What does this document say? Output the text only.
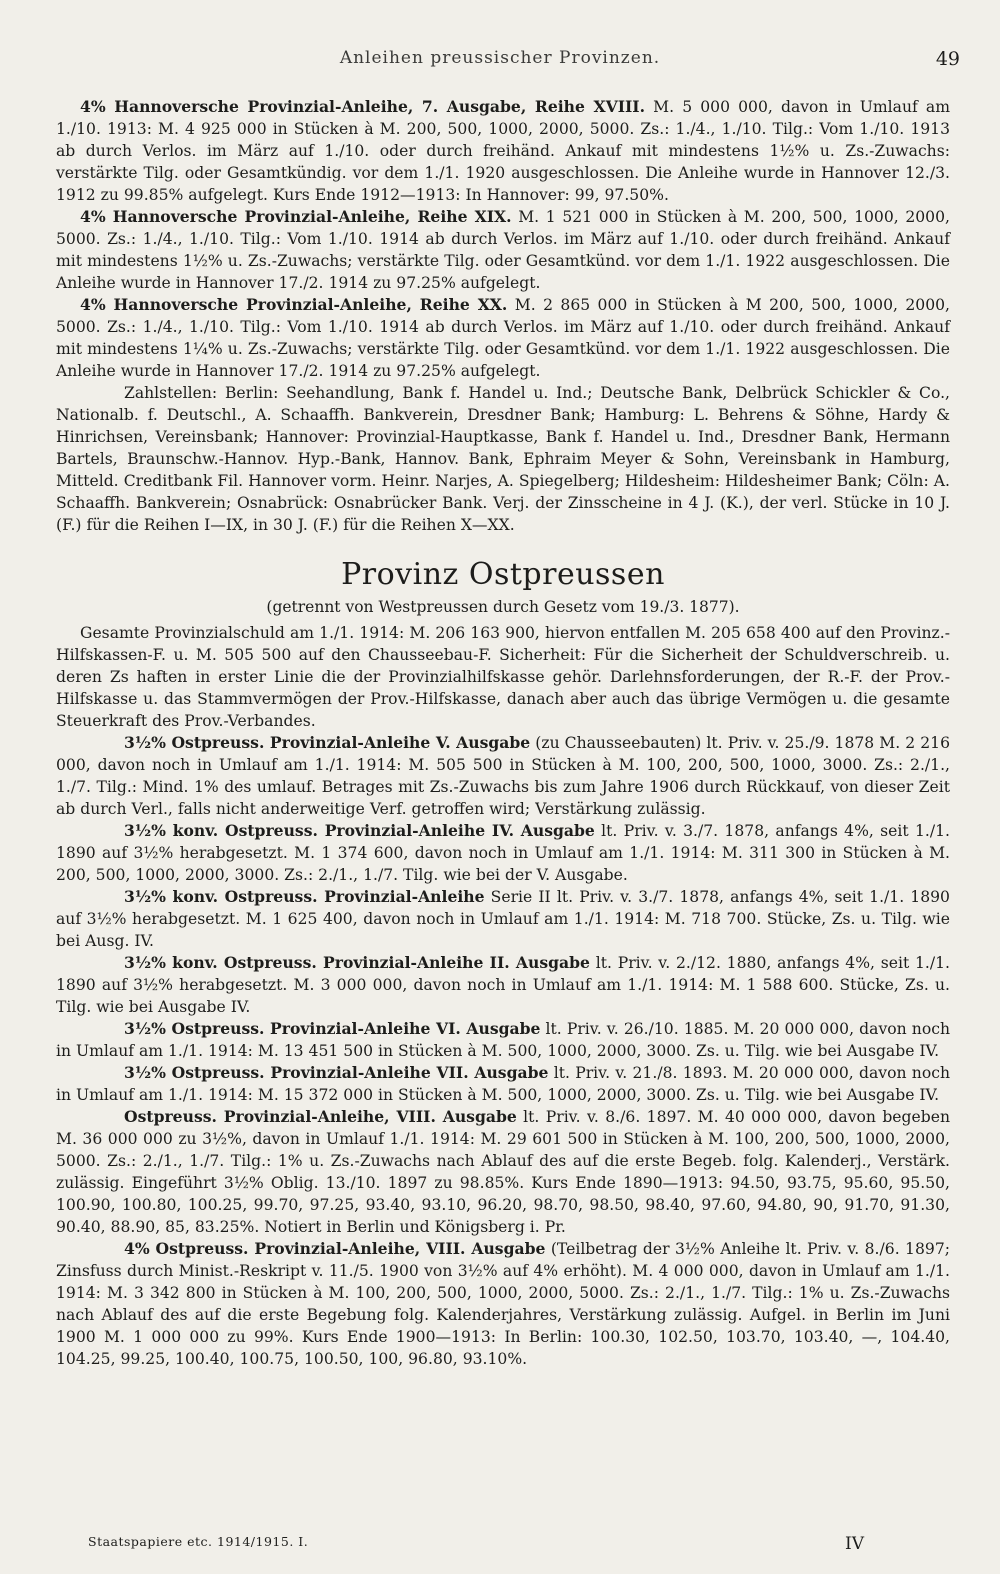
Anleihen preussischer Provinzen.	49

4% Hannoversche Provinzial-Anleihe, 7. Ausgabe, Reihe XVIII. M. 5 000 000, davon in Umlauf am 1./10. 1913: M. 4 925 000 in Stücken à M. 200, 500, 1000, 2000, 5000. Zs.: 1./4., 1./10. Tilg.: Vom 1./10. 1913 ab durch Verlos. im März auf 1./10. oder durch freihänd. Ankauf mit mindestens 1½% u. Zs.-Zuwachs: verstärkte Tilg. oder Gesamtkündig. vor dem 1./1. 1920 ausgeschlossen. Die Anleihe wurde in Hannover 12./3. 1912 zu 99.85% aufgelegt. Kurs Ende 1912—1913: In Hannover: 99, 97.50%.

4% Hannoversche Provinzial-Anleihe, Reihe XIX. M. 1 521 000 in Stücken à M. 200, 500, 1000, 2000, 5000. Zs.: 1./4., 1./10. Tilg.: Vom 1./10. 1914 ab durch Verlos. im März auf 1./10. oder durch freihänd. Ankauf mit mindestens 1½% u. Zs.-Zuwachs; verstärkte Tilg. oder Gesamtkünd. vor dem 1./1. 1922 ausgeschlossen. Die Anleihe wurde in Hannover 17./2. 1914 zu 97.25% aufgelegt.

4% Hannoversche Provinzial-Anleihe, Reihe XX. M. 2 865 000 in Stücken à M 200, 500, 1000, 2000, 5000. Zs.: 1./4., 1./10. Tilg.: Vom 1./10. 1914 ab durch Verlos. im März auf 1./10. oder durch freihänd. Ankauf mit mindestens 1¼% u. Zs.-Zuwachs; verstärkte Tilg. oder Gesamtkünd. vor dem 1./1. 1922 ausgeschlossen. Die Anleihe wurde in Hannover 17./2. 1914 zu 97.25% aufgelegt.

Zahlstellen: Berlin: Seehandlung, Bank f. Handel u. Ind.; Deutsche Bank, Delbrück Schickler & Co., Nationalb. f. Deutschl., A. Schaaffh. Bankverein, Dresdner Bank; Hamburg: L. Behrens & Söhne, Hardy & Hinrichsen, Vereinsbank; Hannover: Provinzial-Hauptkasse, Bank f. Handel u. Ind., Dresdner Bank, Hermann Bartels, Braunschw.-Hannov. Hyp.-Bank, Hannov. Bank, Ephraim Meyer & Sohn, Vereinsbank in Hamburg, Mitteld. Creditbank Fil. Hannover vorm. Heinr. Narjes, A. Spiegelberg; Hildesheim: Hildesheimer Bank; Cöln: A. Schaaffh. Bankverein; Osnabrück: Osnabrücker Bank. Verj. der Zinsscheine in 4 J. (K.), der verl. Stücke in 10 J. (F.) für die Reihen I—IX, in 30 J. (F.) für die Reihen X—XX.

Provinz Ostpreussen
(getrennt von Westpreussen durch Gesetz vom 19./3. 1877).

Gesamte Provinzialschuld am 1./1. 1914: M. 206 163 900, hiervon entfallen M. 205 658 400 auf den Provinz.-Hilfskassen-F. u. M. 505 500 auf den Chausseebau-F. Sicherheit: Für die Sicherheit der Schuldverschreib. u. deren Zs haften in erster Linie die der Provinzialhilfskasse gehör. Darlehnsforderungen, der R.-F. der Prov.-Hilfskasse u. das Stammvermögen der Prov.-Hilfskasse, danach aber auch das übrige Vermögen u. die gesamte Steuerkraft des Prov.-Verbandes.

3½% Ostpreuss. Provinzial-Anleihe V. Ausgabe (zu Chausseebauten) lt. Priv. v. 25./9. 1878 M. 2 216 000, davon noch in Umlauf am 1./1. 1914: M. 505 500 in Stücken à M. 100, 200, 500, 1000, 3000. Zs.: 2./1., 1./7. Tilg.: Mind. 1% des umlauf. Betrages mit Zs.-Zuwachs bis zum Jahre 1906 durch Rückkauf, von dieser Zeit ab durch Verl., falls nicht anderweitige Verf. getroffen wird; Verstärkung zulässig.

3½% konv. Ostpreuss. Provinzial-Anleihe IV. Ausgabe lt. Priv. v. 3./7. 1878, anfangs 4%, seit 1./1. 1890 auf 3½% herabgesetzt. M. 1 374 600, davon noch in Umlauf am 1./1. 1914: M. 311 300 in Stücken à M. 200, 500, 1000, 2000, 3000. Zs.: 2./1., 1./7. Tilg. wie bei der V. Ausgabe.

3½% konv. Ostpreuss. Provinzial-Anleihe Serie II lt. Priv. v. 3./7. 1878, anfangs 4%, seit 1./1. 1890 auf 3½% herabgesetzt. M. 1 625 400, davon noch in Umlauf am 1./1. 1914: M. 718 700. Stücke, Zs. u. Tilg. wie bei Ausg. IV.

3½% konv. Ostpreuss. Provinzial-Anleihe II. Ausgabe lt. Priv. v. 2./12. 1880, anfangs 4%, seit 1./1. 1890 auf 3½% herabgesetzt. M. 3 000 000, davon noch in Umlauf am 1./1. 1914: M. 1 588 600. Stücke, Zs. u. Tilg. wie bei Ausgabe IV.

3½% Ostpreuss. Provinzial-Anleihe VI. Ausgabe lt. Priv. v. 26./10. 1885. M. 20 000 000, davon noch in Umlauf am 1./1. 1914: M. 13 451 500 in Stücken à M. 500, 1000, 2000, 3000. Zs. u. Tilg. wie bei Ausgabe IV.

3½% Ostpreuss. Provinzial-Anleihe VII. Ausgabe lt. Priv. v. 21./8. 1893. M. 20 000 000, davon noch in Umlauf am 1./1. 1914: M. 15 372 000 in Stücken à M. 500, 1000, 2000, 3000. Zs. u. Tilg. wie bei Ausgabe IV.

Ostpreuss. Provinzial-Anleihe, VIII. Ausgabe lt. Priv. v. 8./6. 1897. M. 40 000 000, davon begeben M. 36 000 000 zu 3½%, davon in Umlauf 1./1. 1914: M. 29 601 500 in Stücken à M. 100, 200, 500, 1000, 2000, 5000. Zs.: 2./1., 1./7. Tilg.: 1% u. Zs.-Zuwachs nach Ablauf des auf die erste Begeb. folg. Kalenderj., Verstärk. zulässig. Eingeführt 3½% Oblig. 13./10. 1897 zu 98.85%. Kurs Ende 1890—1913: 94.50, 93.75, 95.60, 95.50, 100.90, 100.80, 100.25, 99.70, 97.25, 93.40, 93.10, 96.20, 98.70, 98.50, 98.40, 97.60, 94.80, 90, 91.70, 91.30, 90.40, 88.90, 85, 83.25%. Notiert in Berlin und Königsberg i. Pr.

4% Ostpreuss. Provinzial-Anleihe, VIII. Ausgabe (Teilbetrag der 3½% Anleihe lt. Priv. v. 8./6. 1897; Zinsfuss durch Minist.-Reskript v. 11./5. 1900 von 3½% auf 4% erhöht). M. 4 000 000, davon in Umlauf am 1./1. 1914: M. 3 342 800 in Stücken à M. 100, 200, 500, 1000, 2000, 5000. Zs.: 2./1., 1./7. Tilg.: 1% u. Zs.-Zuwachs nach Ablauf des auf die erste Begebung folg. Kalenderjahres, Verstärkung zulässig. Aufgel. in Berlin im Juni 1900 M. 1 000 000 zu 99%. Kurs Ende 1900—1913: In Berlin: 100.30, 102.50, 103.70, 103.40, —, 104.40, 104.25, 99.25, 100.40, 100.75, 100.50, 100, 96.80, 93.10%.

Staatspapiere etc. 1914/1915. I.	IV
